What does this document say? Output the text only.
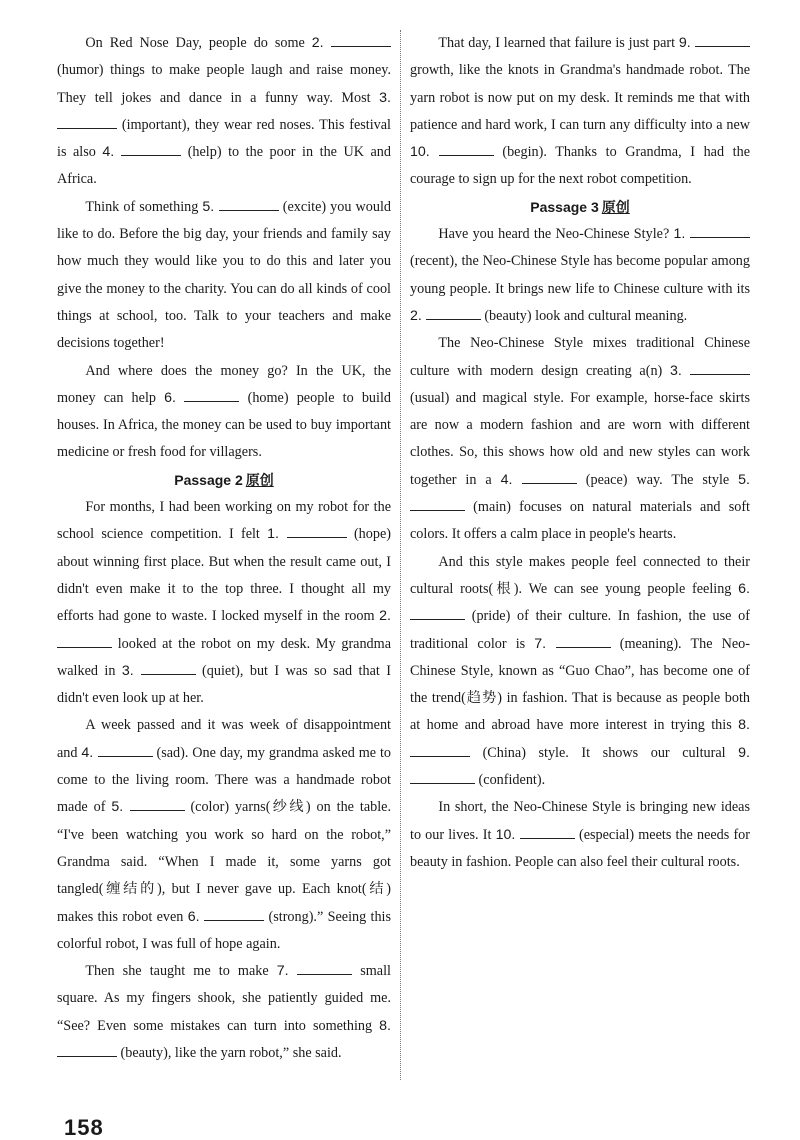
On Red Nose Day, people do some 2.  (humor) things to make people laugh and raise money. They tell jokes and dance in a funny way. Most 3.  (important), they wear red noses. This festival is also 4.	(help) to the poor in the UK and Africa.

Think of something 5.	(excite) you would like to do. Before the big day, your friends and family say how much they would like you to do this and later you give the money to the charity. You can do all kinds of cool things at school, too. Talk to your teachers and make decisions together!

And where does the money go? In the UK, the money can help 6.	(home) people to build houses. In Africa, the money can be used to buy important medicine or fresh food for villagers.

Passage 2 原创

For months, I had been working on my robot for the school science competition. I felt 1.	(hope) about winning first place. But when the result came out, I didn't even make it to the top three. I thought all my efforts had gone to waste. I locked myself in the room 2.  looked at the robot on my desk. My grandma walked in 3.	(quiet), but I was so sad that I didn't even look up at her.

A week passed and it was week of disappointment and 4.	(sad). One day, my grandma asked me to come to the living room. There was a handmade robot made of 5.	(color) yarns(纱线) on the table. “I've been watching you work so hard on the robot,” Grandma said. “When I made it, some yarns got tangled(缠结的), but I never gave up. Each knot(结) makes this robot even 6.	(strong).” Seeing this colorful robot, I was full of hope again.

Then she taught me to make 7.	small square. As my fingers shook, she patiently guided me. “See? Even some mistakes can turn into something 8.  (beauty), like the yarn robot,” she said.

That day, I learned that failure is just part 9.  growth, like the knots in Grandma's handmade robot. The yarn robot is now put on my desk. It reminds me that with patience and hard work, I can turn any difficulty into a new 10.	(begin). Thanks to Grandma, I had the courage to sign up for the next robot competition.

Passage 3 原创

Have you heard the Neo-Chinese Style? 1.  (recent), the Neo-Chinese Style has become popular among young people. It brings new life to Chinese culture with its 2.	(beauty) look and cultural meaning.

The Neo-Chinese Style mixes traditional Chinese culture with modern design creating a(n) 3.  (usual) and magical style. For example, horse-face skirts are now a modern fashion and are worn with different clothes. So, this shows how old and new styles can work together in a 4.	(peace) way. The style 5.  (main) focuses on natural materials and soft colors. It offers a calm place in people's hearts.

And this style makes people feel connected to their cultural roots(根). We can see young people feeling 6.  (pride) of their culture. In fashion, the use of traditional color is 7.	(meaning). The Neo-Chinese Style, known as “Guo Chao”, has become one of the trend(趋势) in fashion. That is because as people both at home and abroad have more interest in trying this 8.  (China) style. It shows our cultural 9.  (confident).

In short, the Neo-Chinese Style is bringing new ideas to our lives. It 10.	(especial) meets the needs for beauty in fashion. People can also feel their cultural roots.

158
